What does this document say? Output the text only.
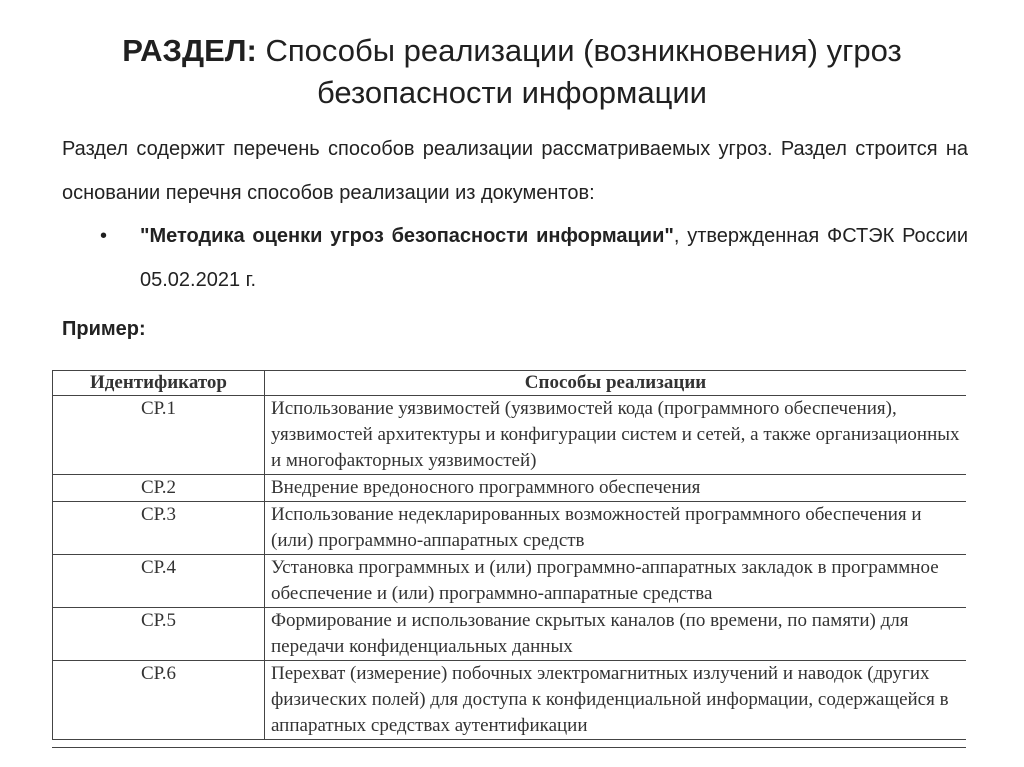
РАЗДЕЛ: Способы реализации (возникновения) угроз безопасности информации
Раздел содержит перечень способов реализации рассматриваемых угроз. Раздел строится на основании перечня способов реализации из документов:
• "Методика оценки угроз безопасности информации", утвержденная ФСТЭК России 05.02.2021 г.
Пример:
Идентификатор	Способы реализации
СР.1	Использование уязвимостей (уязвимостей кода (программного обеспечения), уязвимостей архитектуры и конфигурации систем и сетей, а также организационных и многофакторных уязвимостей)
СР.2	Внедрение вредоносного программного обеспечения
СР.3	Использование недекларированных возможностей программного обеспечения и (или) программно-аппаратных средств
СР.4	Установка программных и (или) программно-аппаратных закладок в программное обеспечение и (или) программно-аппаратные средства
СР.5	Формирование и использование скрытых каналов (по времени, по памяти) для передачи конфиденциальных данных
СР.6	Перехват (измерение) побочных электромагнитных излучений и наводок (других физических полей) для доступа к конфиденциальной информации, содержащейся в аппаратных средствах аутентификации
